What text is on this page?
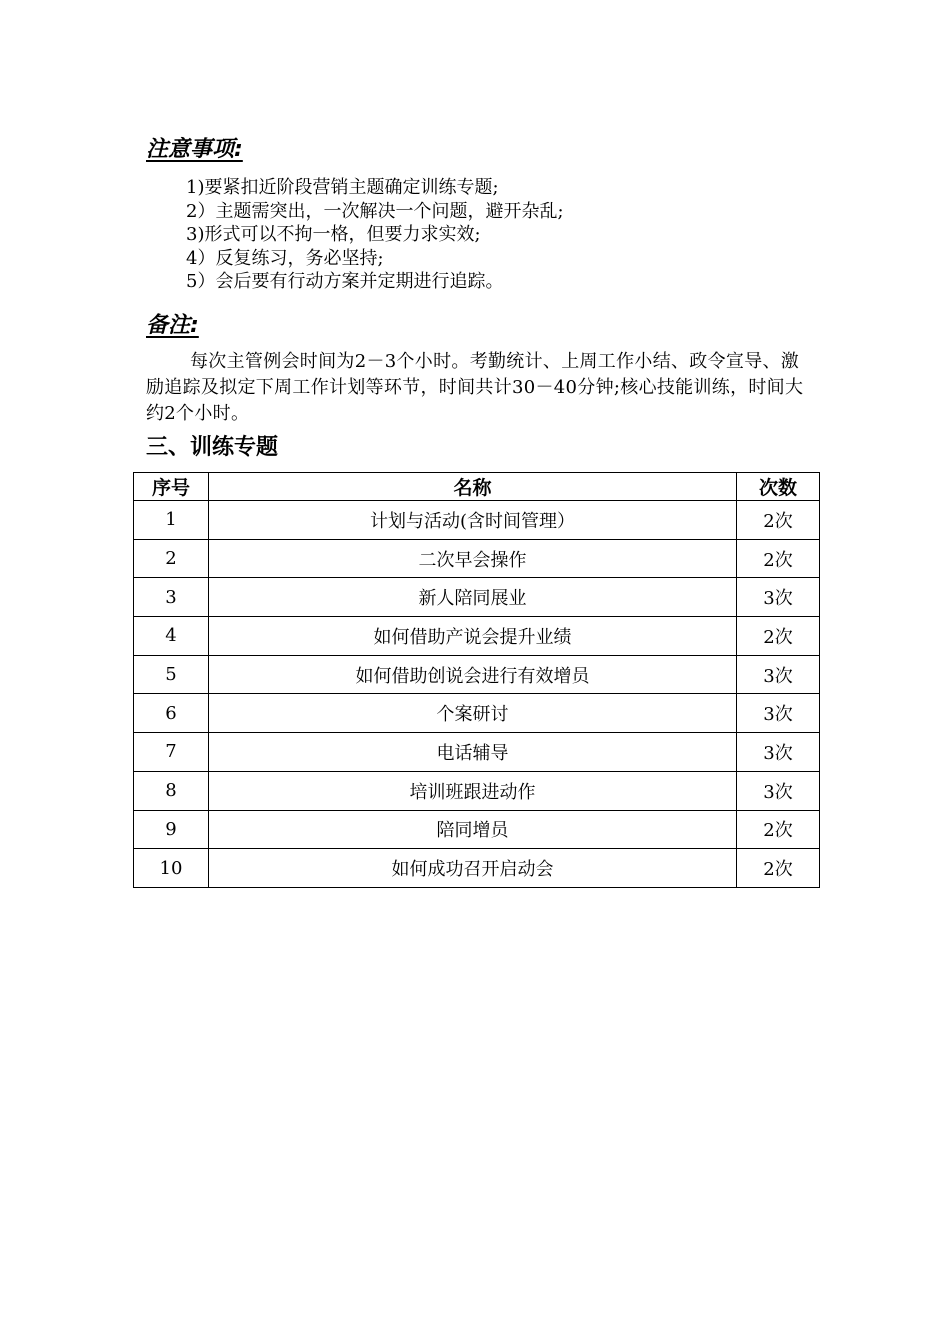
注意事项:
1)要紧扣近阶段营销主题确定训练专题;
2）主题需突出，一次解决一个问题，避开杂乱;
3)形式可以不拘一格，但要力求实效;
4）反复练习，务必坚持;
5）会后要有行动方案并定期进行追踪。
备注:
每次主管例会时间为2－3个小时。考勤统计、上周工作小结、政令宣导、激励追踪及拟定下周工作计划等环节，时间共计30－40分钟;核心技能训练，时间大约2个小时。
三、训练专题
序号	名称	次数
1	计划与活动(含时间管理）	2次
2	二次早会操作	2次
3	新人陪同展业	3次
4	如何借助产说会提升业绩	2次
5	如何借助创说会进行有效增员	3次
6	个案研讨	3次
7	电话辅导	3次
8	培训班跟进动作	3次
9	陪同增员	2次
10	如何成功召开启动会	2次
